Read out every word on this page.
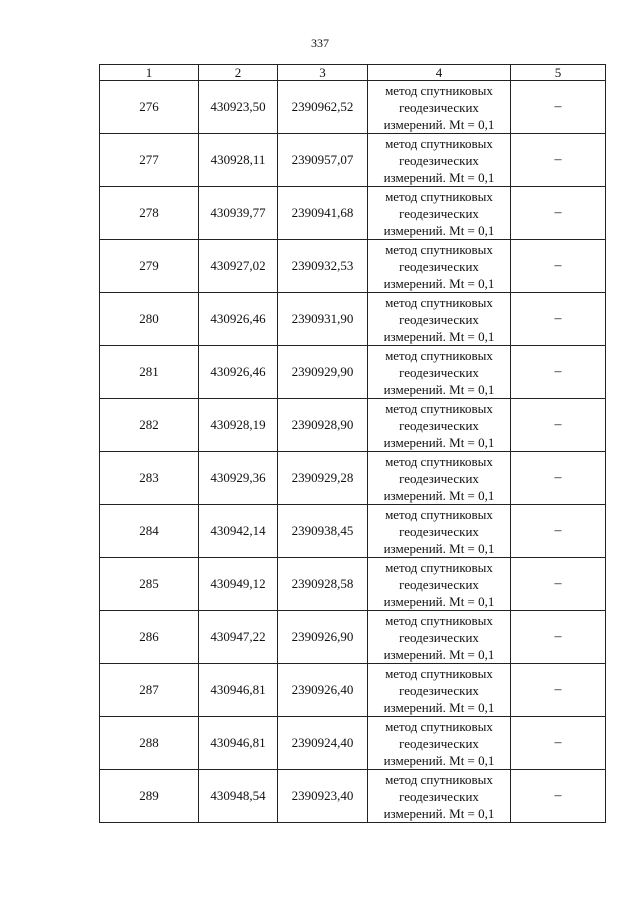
337
1	2	3	4	5
276	430923,50	2390962,52	метод спутниковых
геодезических
измерений. Mt = 0,1	–
277	430928,11	2390957,07	метод спутниковых
геодезических
измерений. Mt = 0,1	–
278	430939,77	2390941,68	метод спутниковых
геодезических
измерений. Mt = 0,1	–
279	430927,02	2390932,53	метод спутниковых
геодезических
измерений. Mt = 0,1	–
280	430926,46	2390931,90	метод спутниковых
геодезических
измерений. Mt = 0,1	–
281	430926,46	2390929,90	метод спутниковых
геодезических
измерений. Mt = 0,1	–
282	430928,19	2390928,90	метод спутниковых
геодезических
измерений. Mt = 0,1	–
283	430929,36	2390929,28	метод спутниковых
геодезических
измерений. Mt = 0,1	–
284	430942,14	2390938,45	метод спутниковых
геодезических
измерений. Mt = 0,1	–
285	430949,12	2390928,58	метод спутниковых
геодезических
измерений. Mt = 0,1	–
286	430947,22	2390926,90	метод спутниковых
геодезических
измерений. Mt = 0,1	–
287	430946,81	2390926,40	метод спутниковых
геодезических
измерений. Mt = 0,1	–
288	430946,81	2390924,40	метод спутниковых
геодезических
измерений. Mt = 0,1	–
289	430948,54	2390923,40	метод спутниковых
геодезических
измерений. Mt = 0,1	–
